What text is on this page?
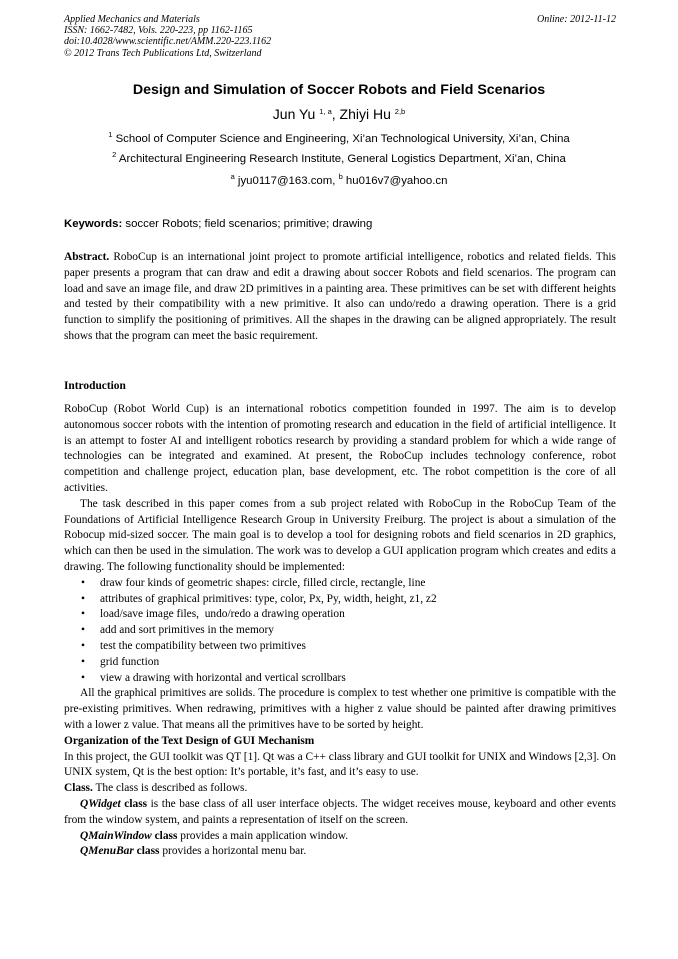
Applied Mechanics and Materials
ISSN: 1662-7482, Vols. 220-223, pp 1162-1165
doi:10.4028/www.scientific.net/AMM.220-223.1162
© 2012 Trans Tech Publications Ltd, Switzerland
Online: 2012-11-12
Design and Simulation of Soccer Robots and Field Scenarios
Jun Yu $^{1, a}$, Zhiyi Hu $^{2,b}$
$^1$ School of Computer Science and Engineering, Xi’an Technological University, Xi’an, China
$^2$ Architectural Engineering Research Institute, General Logistics Department, Xi’an, China
$^a$ jyu0117@163.com, $^b$ hu016v7@yahoo.cn
Keywords: soccer Robots; field scenarios; primitive; drawing

Abstract. RoboCup is an international joint project to promote artificial intelligence, robotics and related fields. This paper presents a program that can draw and edit a drawing about soccer Robots and field scenarios. The program can load and save an image file, and draw 2D primitives in a painting area. These primitives can be set with different heights and tested by their compatibility with a new primitive. It also can undo/redo a drawing operation. There is a grid function to simplify the positioning of primitives. All the shapes in the drawing can be aligned appropriately. The result shows that the program can meet the basic requirement.

Introduction

RoboCup (Robot World Cup) is an international robotics competition founded in 1997. The aim is to develop autonomous soccer robots with the intention of promoting research and education in the field of artificial intelligence. It is an attempt to foster AI and intelligent robotics research by providing a standard problem for which a wide range of technologies can be integrated and examined. At present, the RoboCup includes technology conference, robot competition and challenge project, education plan, base development, etc. The robot competition is the core of all activities.

The task described in this paper comes from a sub project related with RoboCup in the RoboCup Team of the Foundations of Artificial Intelligence Research Group in University Freiburg. The project is about a simulation of the Robocup mid-sized soccer. The main goal is to develop a tool for designing robots and field scenarios in 2D graphics, which can then be used in the simulation. The work was to develop a GUI application program which creates and edits a drawing. The following functionality should be implemented:

• draw four kinds of geometric shapes: circle, filled circle, rectangle, line
• attributes of graphical primitives: type, color, Px, Py, width, height, z1, z2
• load/save image files,  undo/redo a drawing operation
• add and sort primitives in the memory
• test the compatibility between two primitives
• grid function
• view a drawing with horizontal and vertical scrollbars

All the graphical primitives are solids. The procedure is complex to test whether one primitive is compatible with the pre-existing primitives. When redrawing, primitives with a higher z value should be painted after drawing primitives with a lower z value. That means all the primitives have to be sorted by height.

Organization of the Text Design of GUI Mechanism

In this project, the GUI toolkit was QT [1]. Qt was a C++ class library and GUI toolkit for UNIX and Windows [2,3]. On UNIX system, Qt is the best option: It’s portable, it’s fast, and it’s easy to use.

Class. The class is described as follows.

QWidget class is the base class of all user interface objects. The widget receives mouse, keyboard and other events from the window system, and paints a representation of itself on the screen.

QMainWindow class provides a main application window.

QMenuBar class provides a horizontal menu bar.
